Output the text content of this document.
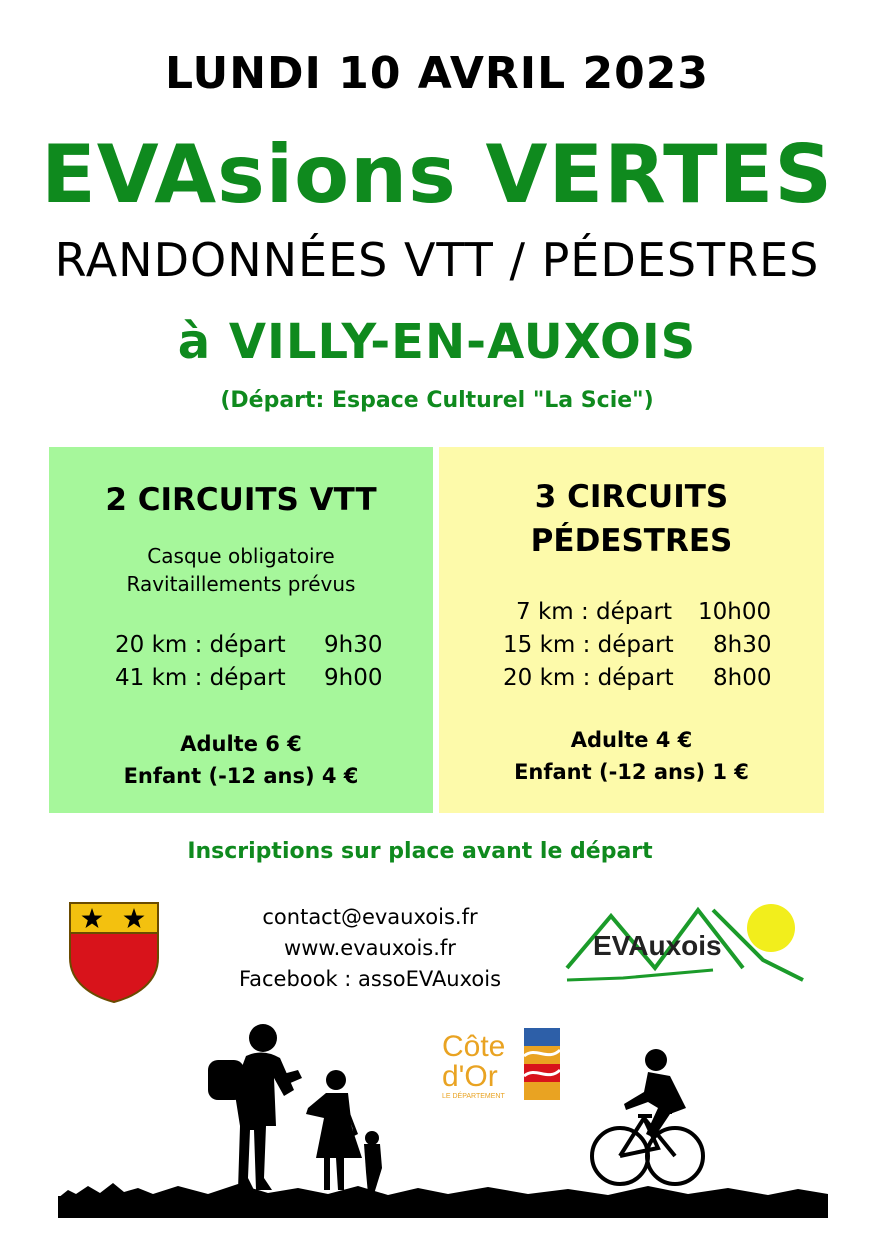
LUNDI 10 AVRIL 2023
EVAsions VERTES
RANDONNÉES VTT / PÉDESTRES
à VILLY-EN-AUXOIS
(Départ: Espace Culturel "La Scie")
2 CIRCUITS VTT
Casque obligatoire
Ravitaillements prévus
20 km : départ 9h30
41 km : départ 9h00
Adulte 6 €
Enfant (-12 ans) 4 €
3 CIRCUITS
PÉDESTRES
7 km : départ 10h00
15 km : départ 8h30
20 km : départ 8h00
Adulte 4 €
Enfant (-12 ans) 1 €
Inscriptions sur place avant le départ
contact@evauxois.fr
www.evauxois.fr
Facebook : assoEVAuxois
EVAuxois
Côte
d'Or
LE DÉPARTEMENT
